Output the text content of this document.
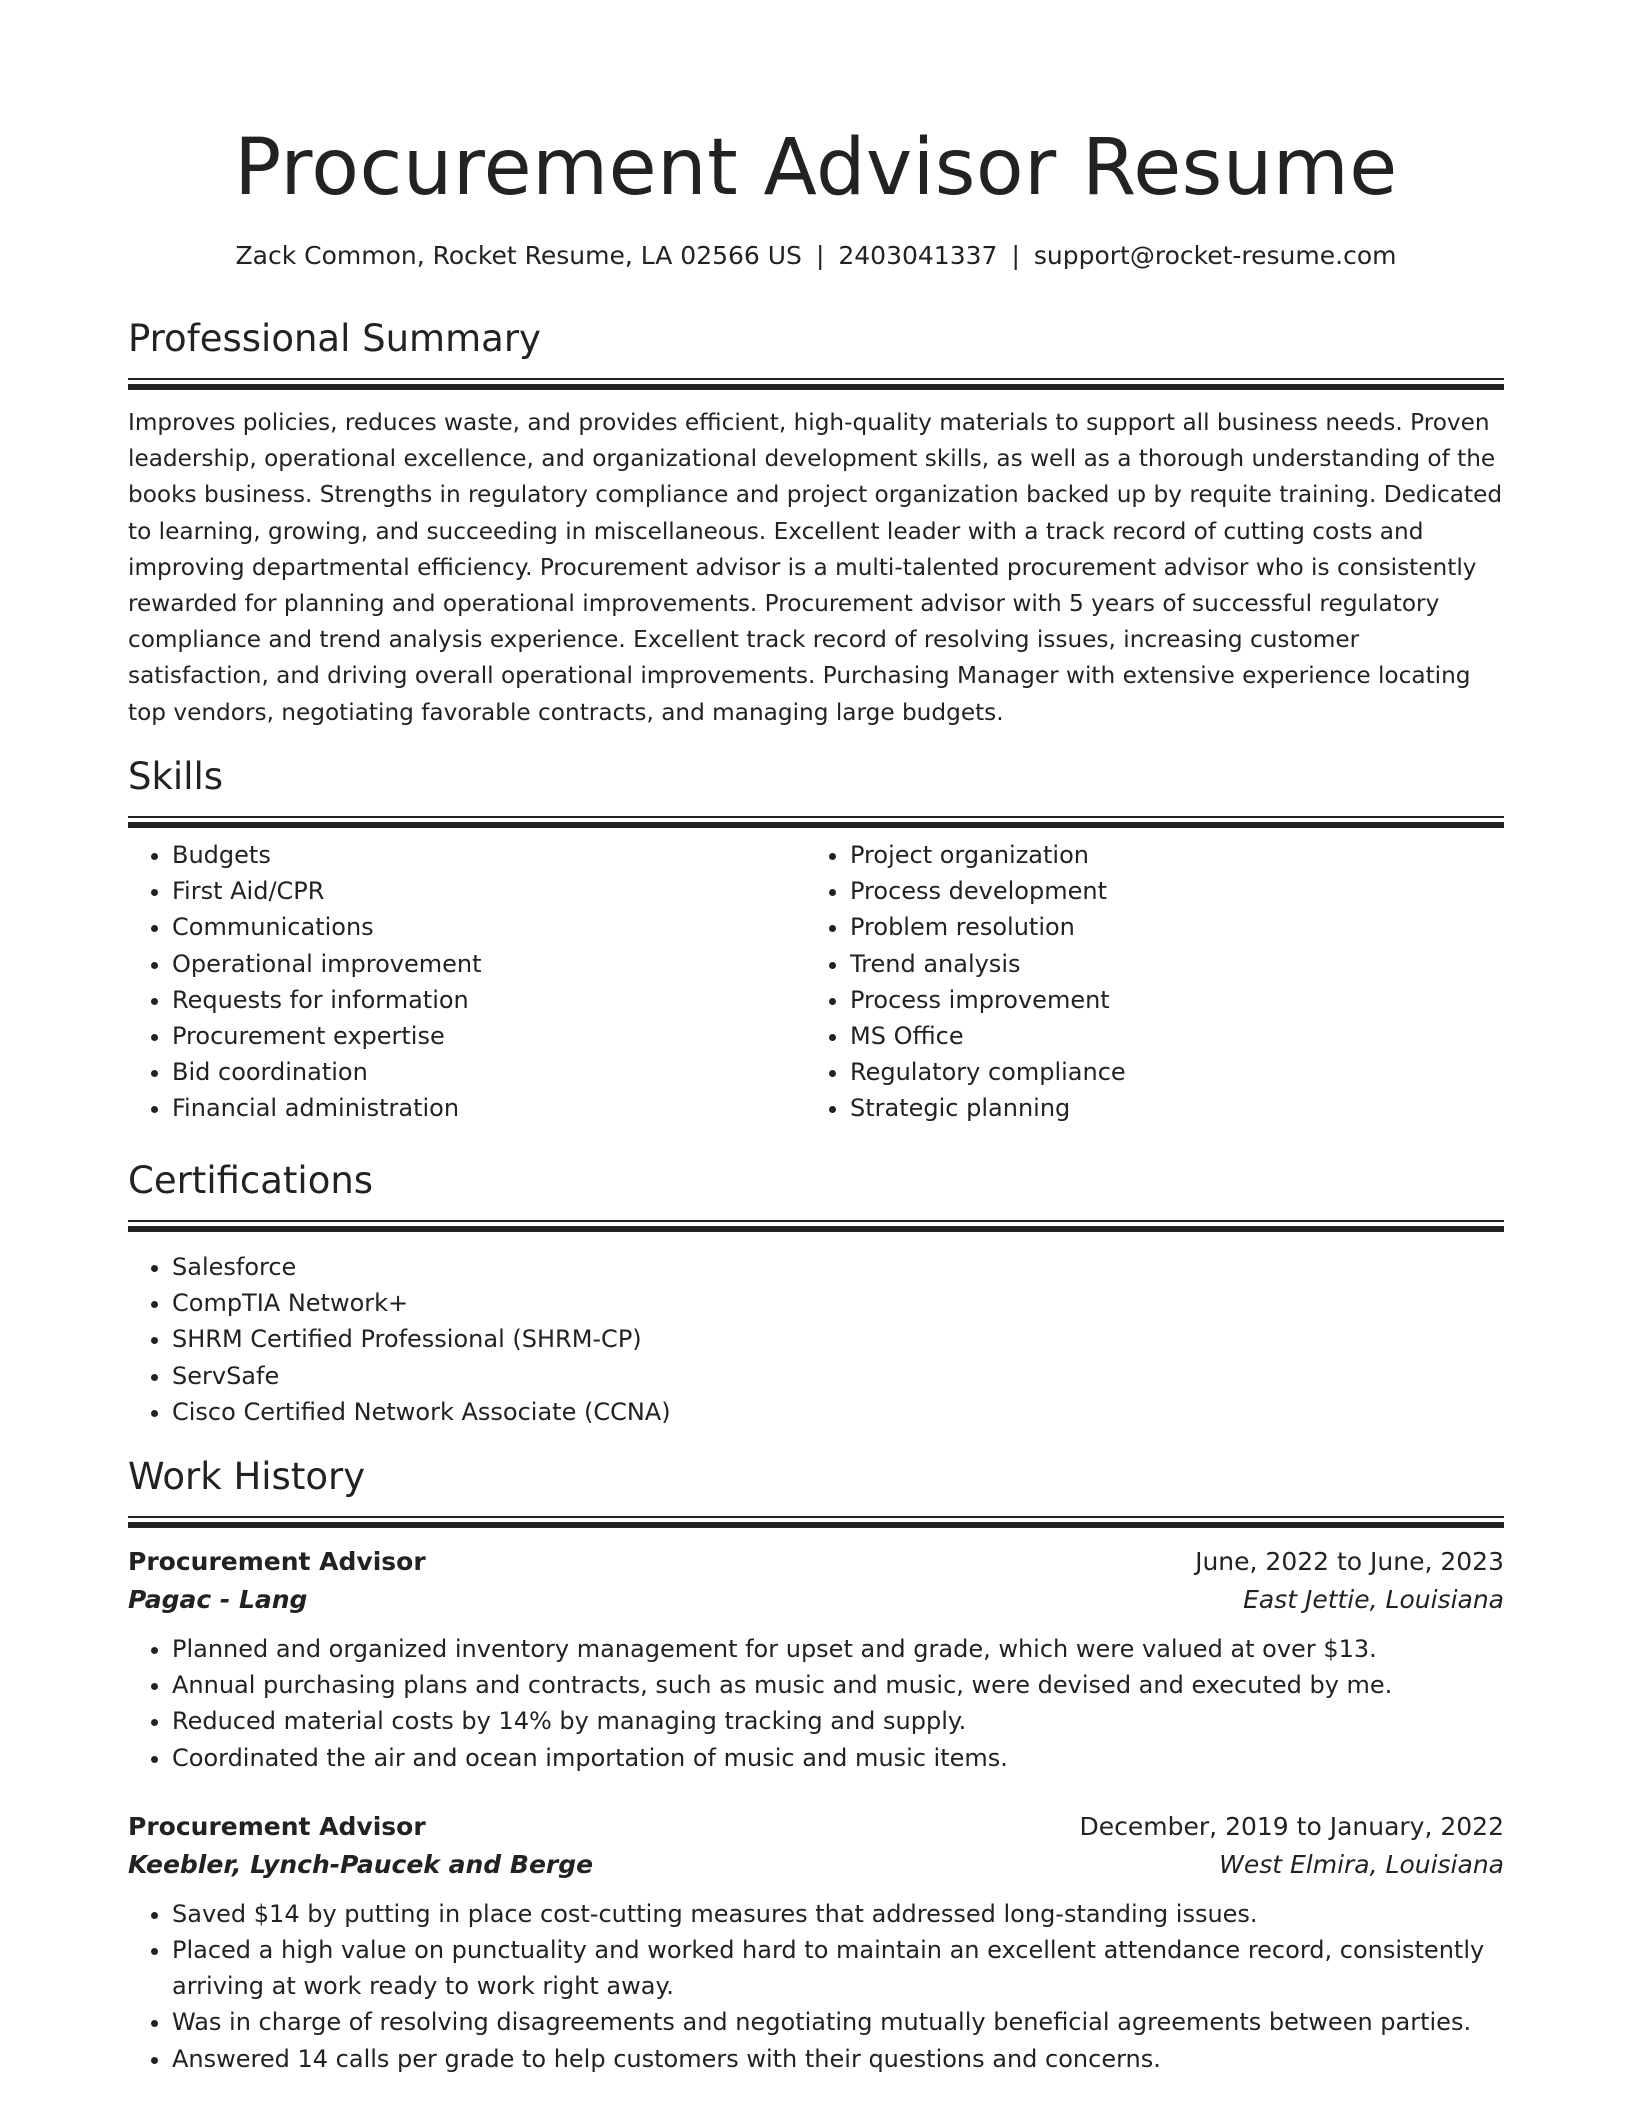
Procurement Advisor Resume
Zack Common, Rocket Resume, LA 02566 US | 2403041337 | support@rocket-resume.com
Professional Summary

Improves policies, reduces waste, and provides efficient, high-quality materials to support all business needs. Proven leadership, operational excellence, and organizational development skills, as well as a thorough understanding of the books business. Strengths in regulatory compliance and project organization backed up by requite training. Dedicated to learning, growing, and succeeding in miscellaneous. Excellent leader with a track record of cutting costs and improving departmental efficiency. Procurement advisor is a multi-talented procurement advisor who is consistently rewarded for planning and operational improvements. Procurement advisor with 5 years of successful regulatory compliance and trend analysis experience. Excellent track record of resolving issues, increasing customer satisfaction, and driving overall operational improvements. Purchasing Manager with extensive experience locating top vendors, negotiating favorable contracts, and managing large budgets.

Skills
• Budgets
• First Aid/CPR
• Communications
• Operational improvement
• Requests for information
• Procurement expertise
• Bid coordination
• Financial administration
• Project organization
• Process development
• Problem resolution
• Trend analysis
• Process improvement
• MS Office
• Regulatory compliance
• Strategic planning
Certifications
• Salesforce
• CompTIA Network+
• SHRM Certified Professional (SHRM-CP)
• ServSafe
• Cisco Certified Network Associate (CCNA)
Work History
Procurement Advisor	June, 2022 to June, 2023
Pagac - Lang	East Jettie, Louisiana
• Planned and organized inventory management for upset and grade, which were valued at over $13.
• Annual purchasing plans and contracts, such as music and music, were devised and executed by me.
• Reduced material costs by 14% by managing tracking and supply.
• Coordinated the air and ocean importation of music and music items.
Procurement Advisor	December, 2019 to January, 2022
Keebler, Lynch-Paucek and Berge	West Elmira, Louisiana
• Saved $14 by putting in place cost-cutting measures that addressed long-standing issues.
• Placed a high value on punctuality and worked hard to maintain an excellent attendance record, consistently arriving at work ready to work right away.
• Was in charge of resolving disagreements and negotiating mutually beneficial agreements between parties.
• Answered 14 calls per grade to help customers with their questions and concerns.
